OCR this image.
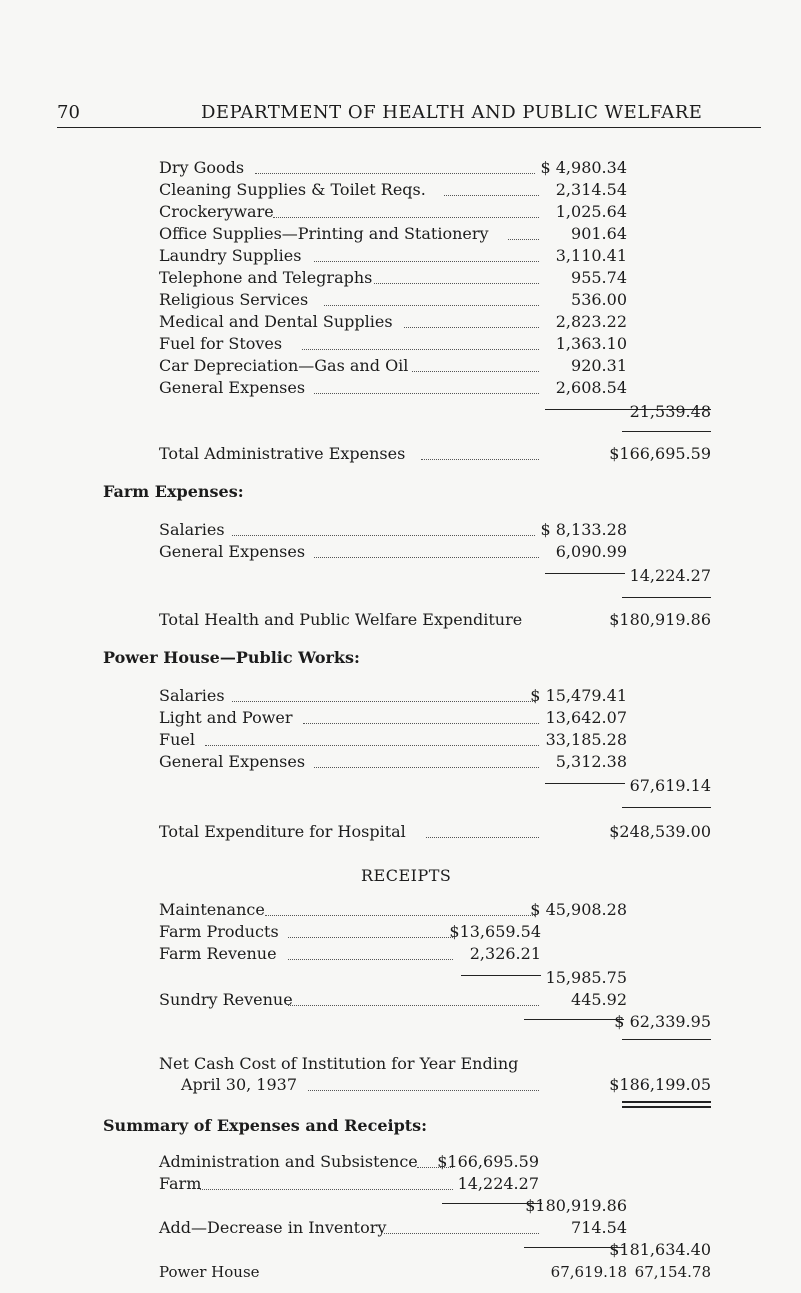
70	DEPARTMENT OF HEALTH AND PUBLIC WELFARE
Dry Goods	$ 4,980.34
Cleaning Supplies & Toilet Reqs.	2,314.54
Crockeryware	1,025.64
Office Supplies—Printing and Stationery	901.64
Laundry Supplies	3,110.41
Telephone and Telegraphs	955.74
Religious Services	536.00
Medical and Dental Supplies	2,823.22
Fuel for Stoves	1,363.10
Car Depreciation—Gas and Oil	920.31
General Expenses	2,608.54
21,539.48
Total Administrative Expenses	$166,695.59
Farm Expenses:
Salaries	$ 8,133.28
General Expenses	6,090.99
14,224.27
Total Health and Public Welfare Expenditure	$180,919.86
Power House—Public Works:
Salaries	$ 15,479.41
Light and Power	13,642.07
Fuel	33,185.28
General Expenses	5,312.38
67,619.14
Total Expenditure for Hospital	$248,539.00
RECEIPTS
Maintenance	$ 45,908.28
Farm Products	$13,659.54
Farm Revenue	2,326.21
15,985.75
Sundry Revenue	445.92
$ 62,339.95
Net Cash Cost of Institution for Year Ending
April 30, 1937	$186,199.05
Summary of Expenses and Receipts:
Administration and Subsistence $166,695.59
Farm	14,224.27
$180,919.86
Add—Decrease in Inventory	714.54
$181,634.40
Power House	67,619.18 67,154.78
